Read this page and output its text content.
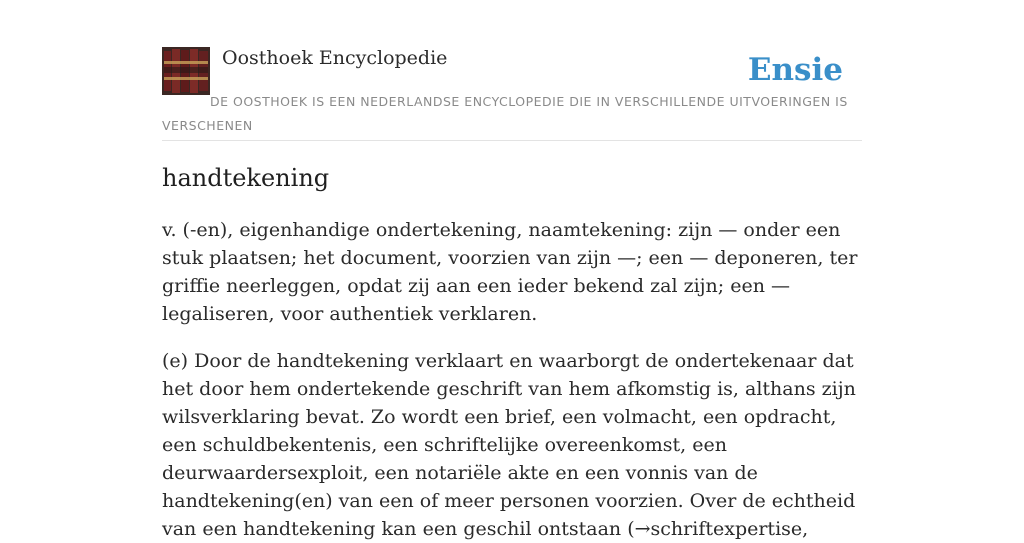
Oosthoek Encyclopedie	Ensie
DE OOSTHOEK IS EEN NEDERLANDSE ENCYCLOPEDIE DIE IN VERSCHILLENDE UITVOERINGEN IS VERSCHENEN
handtekening

v. (-en), eigenhandige ondertekening, naamtekening: zijn — onder een stuk plaatsen; het document, voorzien van zijn —; een — deponeren, ter griffie neerleggen, opdat zij aan een ieder bekend zal zijn; een — legaliseren, voor authentiek verklaren.

(e) Door de handtekening verklaart en waarborgt de ondertekenaar dat het door hem ondertekende geschrift van hem afkomstig is, althans zijn wilsverklaring bevat. Zo wordt een brief, een volmacht, een opdracht, een schuldbekentenis, een schriftelijke overeenkomst, een deurwaardersexploit, een notariële akte en een vonnis van de handtekening(en) van een of meer personen voorzien. Over de echtheid van een handtekening kan een geschil ontstaan (→schriftexpertise,
